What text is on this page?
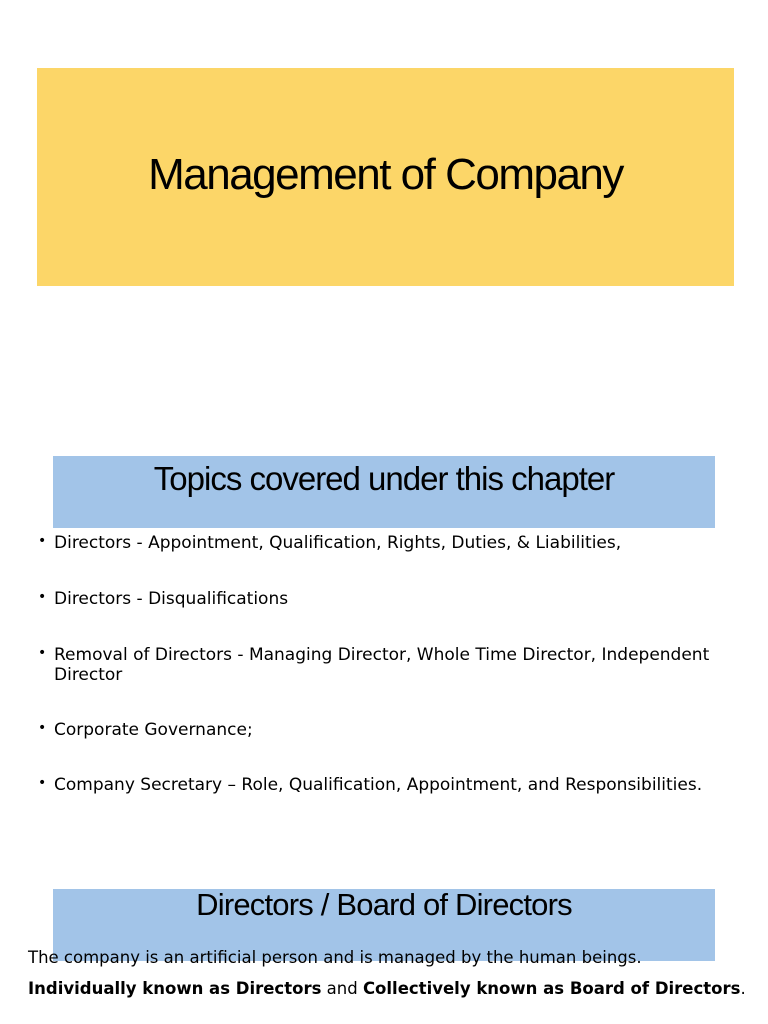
Management of Company
Topics covered under this chapter
• Directors - Appointment, Qualification, Rights, Duties, & Liabilities,
• Directors - Disqualifications
• Removal of Directors - Managing Director, Whole Time Director, Independent Director
• Corporate Governance;
• Company Secretary – Role, Qualification, Appointment, and Responsibilities.
Directors / Board of Directors
The company is an artificial person and is managed by the human beings.
Individually known as Directors and Collectively known as Board of Directors.
